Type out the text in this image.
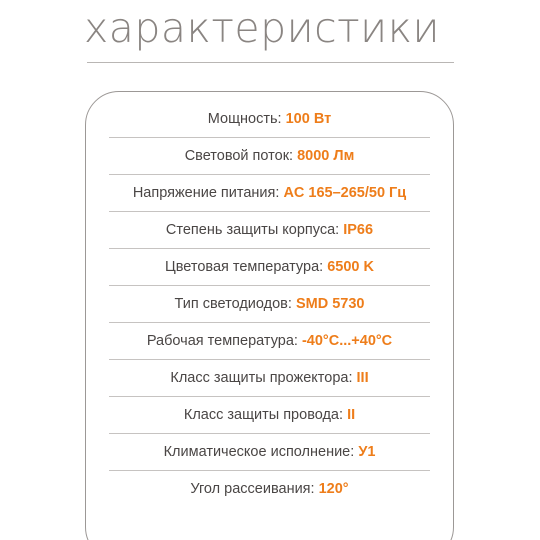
характеристики
Мощность: 100 Вт
Световой поток: 8000 Лм
Напряжение питания: AC 165–265/50 Гц
Степень защиты корпуса: IP66
Цветовая температура: 6500 K
Тип светодиодов: SMD 5730
Рабочая температура: -40°C...+40°C
Класс защиты прожектора: III
Класс защиты провода: II
Климатическое исполнение: У1
Угол рассеивания: 120°
